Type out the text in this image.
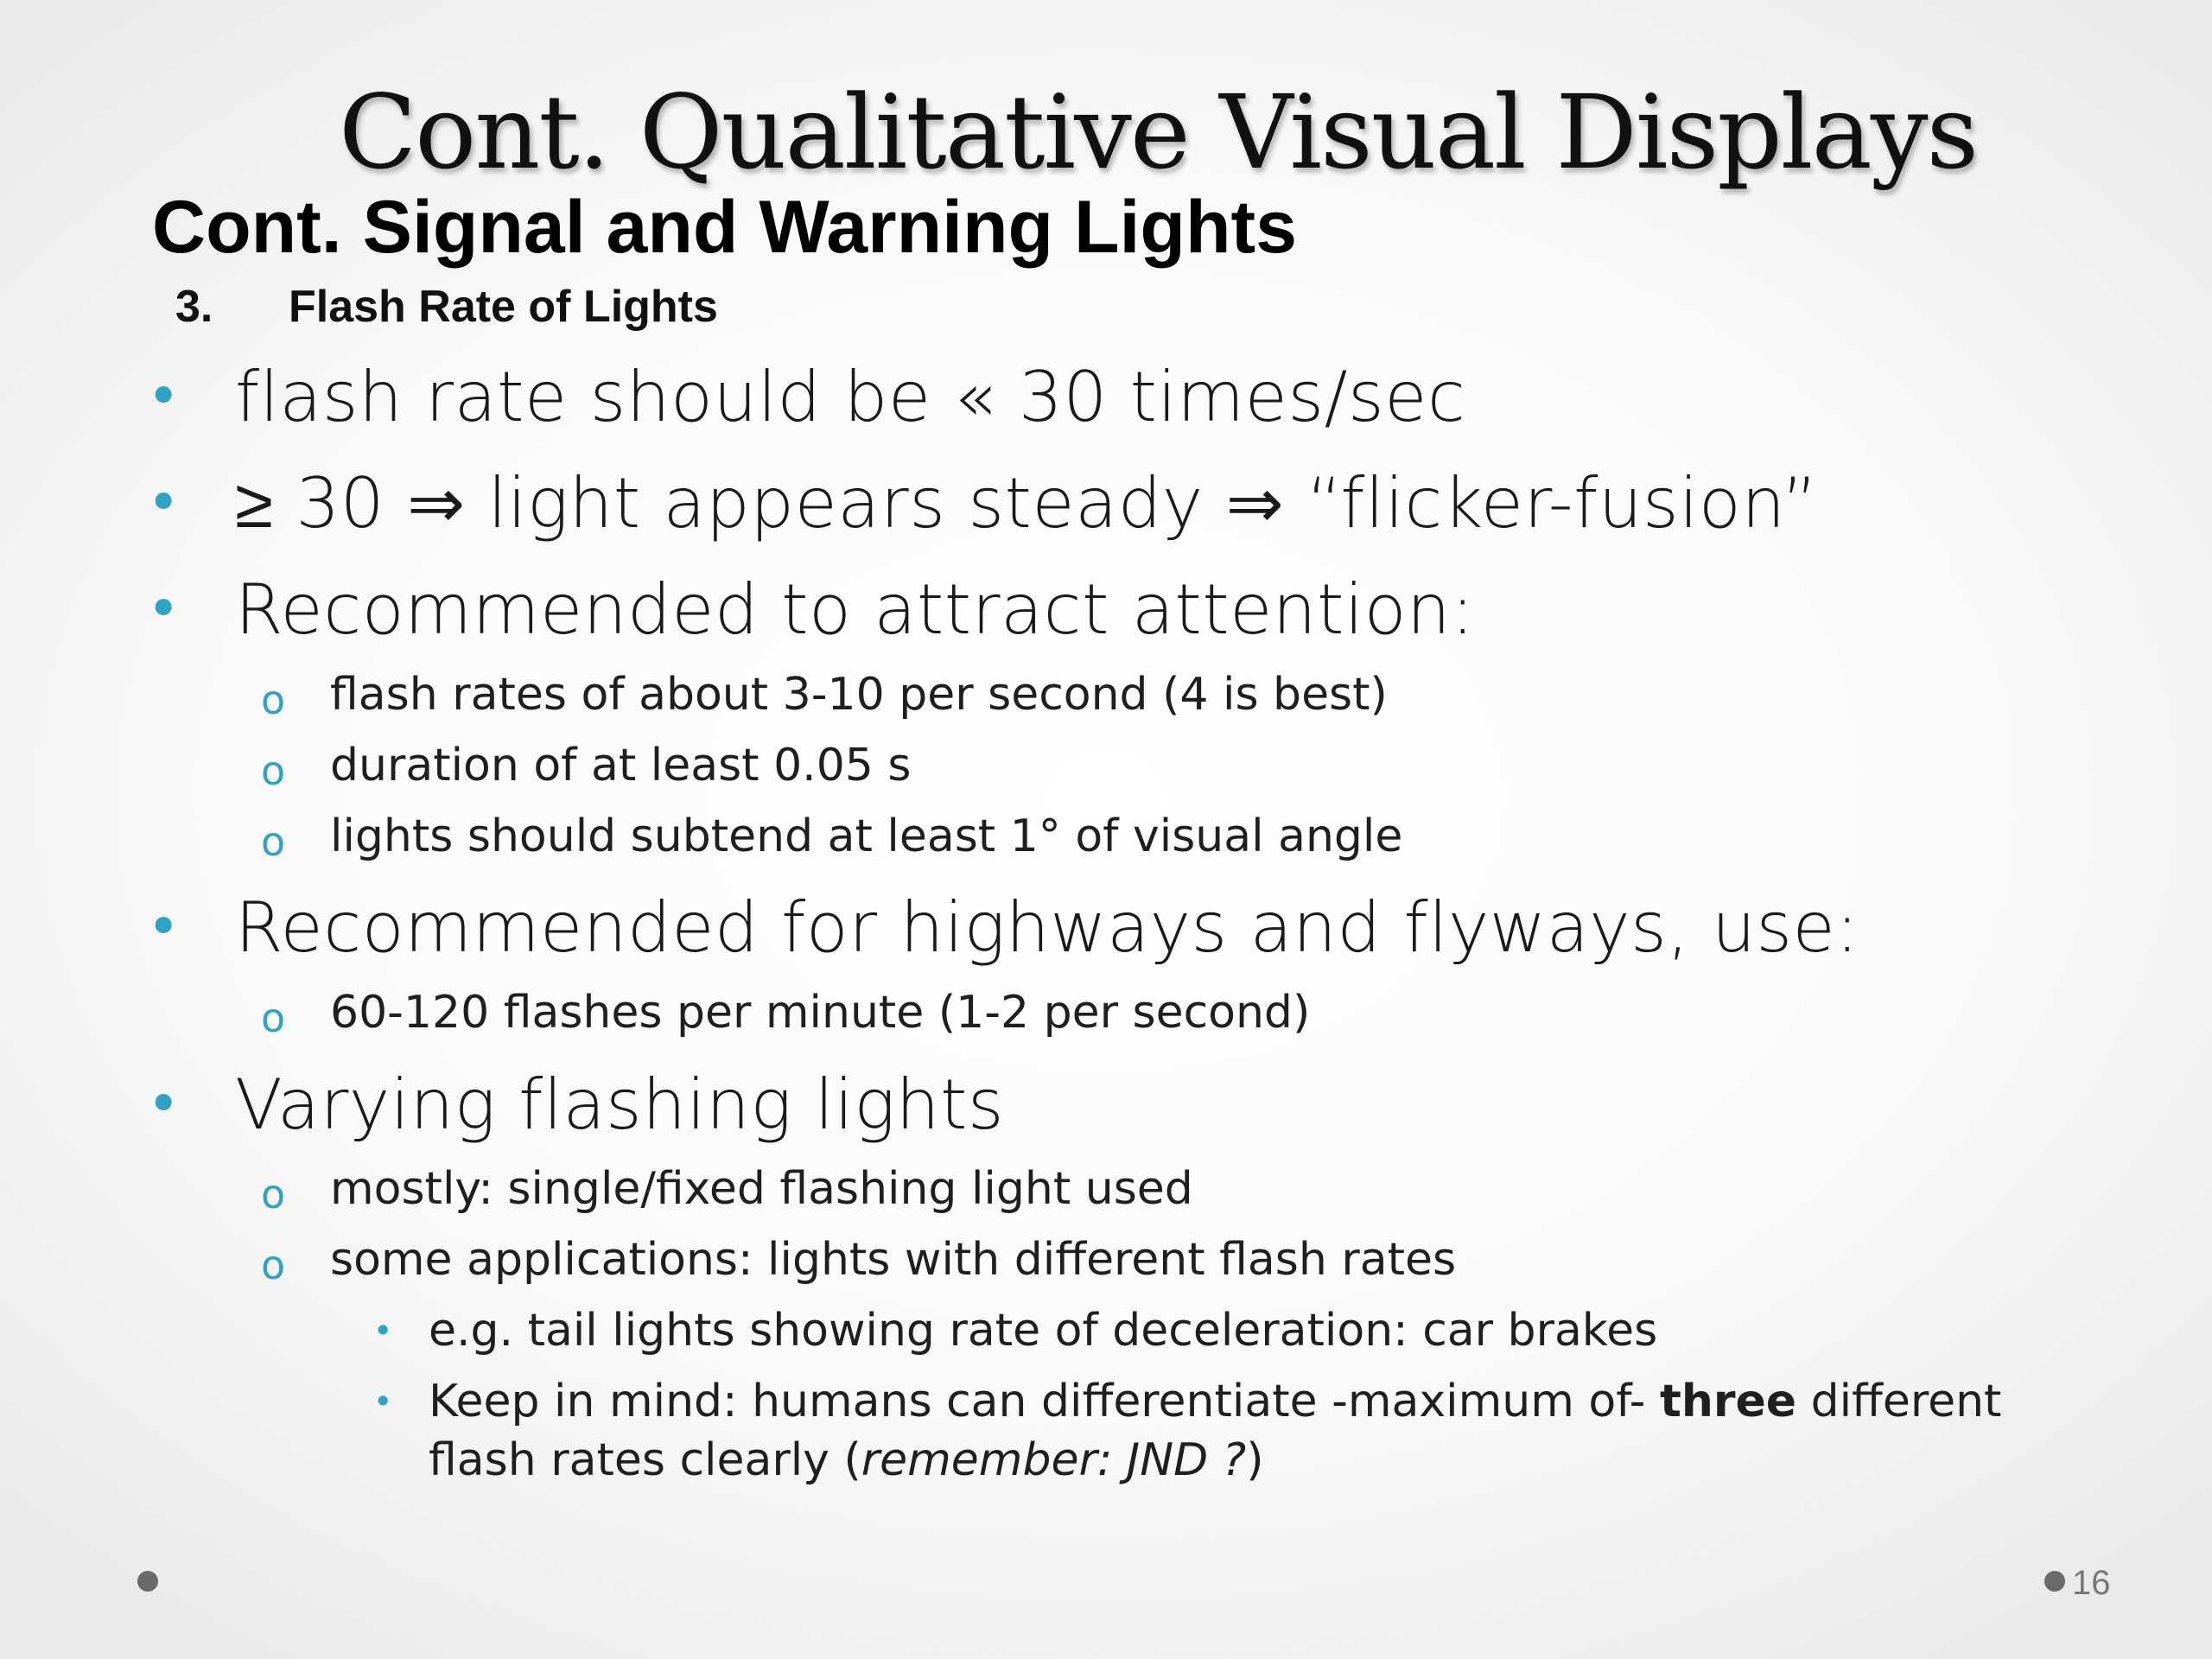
Cont. Qualitative Visual Displays
Cont. Signal and Warning Lights
3. Flash Rate of Lights
• flash rate should be « 30 times/sec
• ≥ 30 ⇒ light appears steady ⇒ “flicker-fusion”
• Recommended to attract attention:
o flash rates of about 3-10 per second (4 is best)
o duration of at least 0.05 s
o lights should subtend at least 1° of visual angle
• Recommended for highways and flyways, use:
o 60-120 flashes per minute (1-2 per second)
• Varying flashing lights
o mostly: single/fixed flashing light used
o some applications: lights with different flash rates
• e.g. tail lights showing rate of deceleration: car brakes
• Keep in mind: humans can differentiate -maximum of- three different
flash rates clearly (remember: JND ?)
16
